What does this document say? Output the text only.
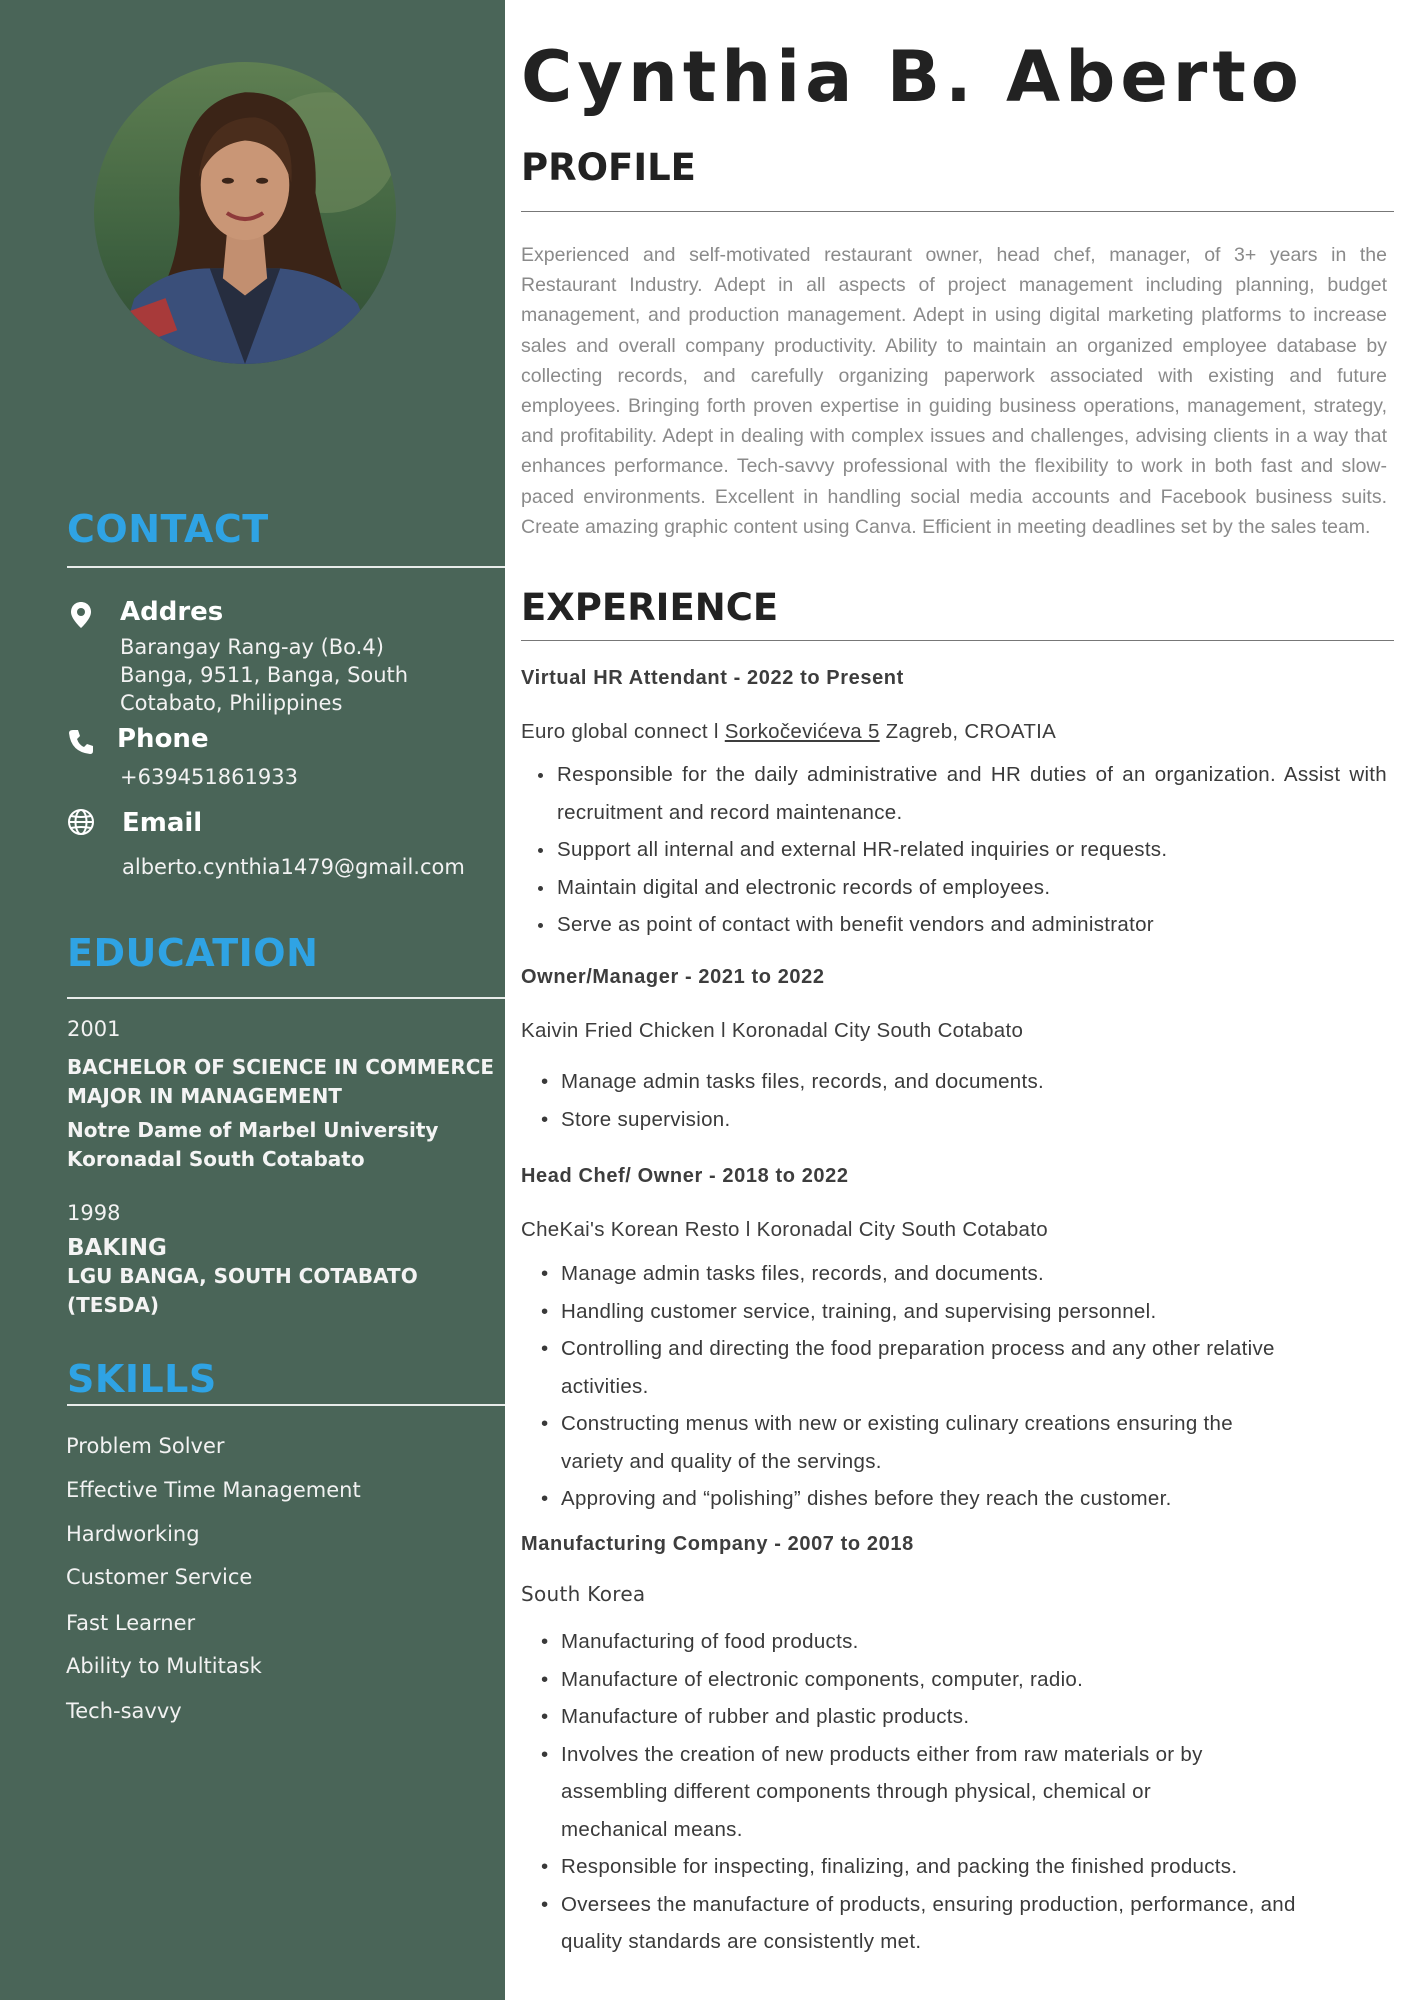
CONTACT
Addres
Barangay Rang-ay (Bo.4)
Banga, 9511, Banga, South
Cotabato, Philippines
Phone
+639451861933
Email
alberto.cynthia1479@gmail.com
EDUCATION
2001
BACHELOR OF SCIENCE IN COMMERCE
MAJOR IN MANAGEMENT
Notre Dame of Marbel University
Koronadal South Cotabato
1998
BAKING
LGU BANGA, SOUTH COTABATO
(TESDA)
SKILLS
Problem Solver
Effective Time Management
Hardworking
Customer Service
Fast Learner
Ability to Multitask
Tech-savvy
Cynthia B. Aberto
PROFILE

Experienced and self-motivated restaurant owner, head chef, manager, of 3+ years in the Restaurant Industry. Adept in all aspects of project management including planning, budget management, and production management. Adept in using digital marketing platforms to increase sales and overall company productivity. Ability to maintain an organized employee database by collecting records, and carefully organizing paperwork associated with existing and future employees. Bringing forth proven expertise in guiding business operations, management, strategy, and profitability. Adept in dealing with complex issues and challenges, advising clients in a way that enhances performance. Tech-savvy professional with the flexibility to work in both fast and slow-paced environments. Excellent in handling social media accounts and Facebook business suits. Create amazing graphic content using Canva. Efficient in meeting deadlines set by the sales team.

EXPERIENCE
Virtual HR Attendant - 2022 to Present
Euro global connect l Sorkočevićeva 5 Zagreb, CROATIA
Responsible for the daily administrative and HR duties of an organization. Assist with recruitment and record maintenance.
Support all internal and external HR-related inquiries or requests.
Maintain digital and electronic records of employees.
Serve as point of contact with benefit vendors and administrator
Owner/Manager - 2021 to 2022
Kaivin Fried Chicken l Koronadal City South Cotabato
• Manage admin tasks files, records, and documents.
• Store supervision.
Head Chef/ Owner - 2018 to 2022
CheKai's Korean Resto l Koronadal City South Cotabato
• Manage admin tasks files, records, and documents.
• Handling customer service, training, and supervising personnel.
• Controlling and directing the food preparation process and any other relative activities.
• Constructing menus with new or existing culinary creations ensuring the variety and quality of the servings.
• Approving and “polishing” dishes before they reach the customer.
Manufacturing Company - 2007 to 2018
South Korea
• Manufacturing of food products.
• Manufacture of electronic components, computer, radio.
• Manufacture of rubber and plastic products.
• Involves the creation of new products either from raw materials or by assembling different components through physical, chemical or mechanical means.
• Responsible for inspecting, finalizing, and packing the finished products.
• Oversees the manufacture of products, ensuring production, performance, and quality standards are consistently met.
